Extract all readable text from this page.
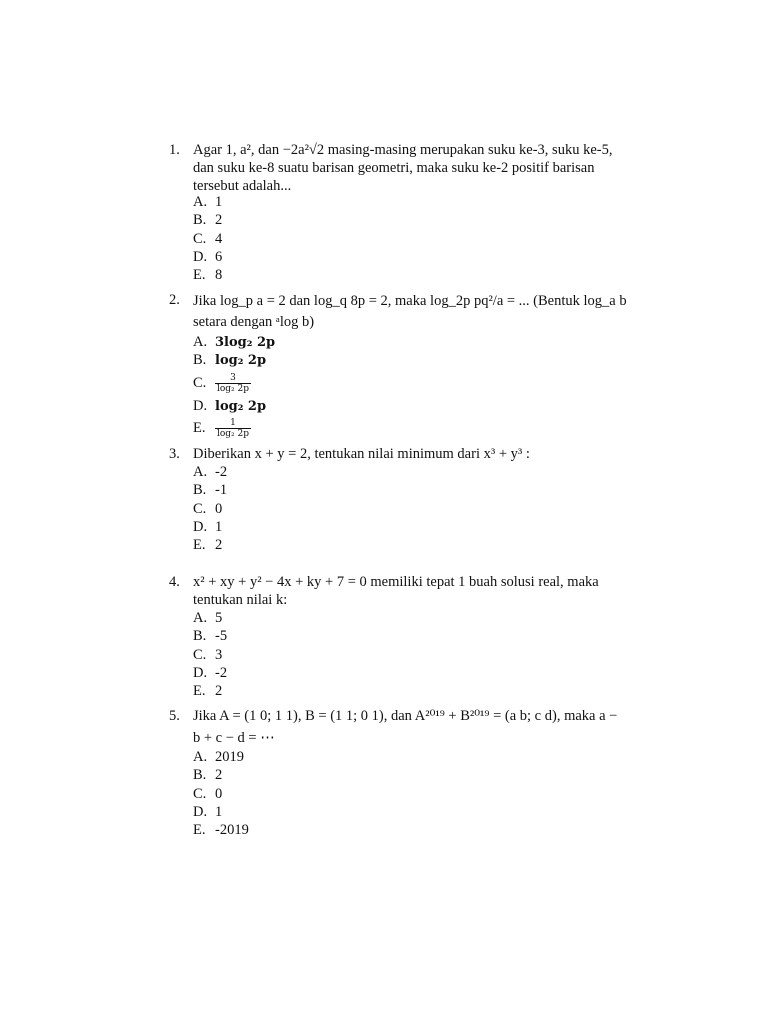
1. Agar 1, a², dan −2a²√2 masing-masing merupakan suku ke-3, suku ke-5,
dan suku ke-8 suatu barisan geometri, maka suku ke-2 positif barisan
tersebut adalah...
A. 1
B. 2
C. 4
D. 6
E. 8
2. Jika log_p a = 2 dan log_q 8p = 2, maka log_2p pq²/a = ... (Bentuk log_a b
setara dengan ᵃlog b)
A. 3log₂ 2p
B. log₂ 2p
C. $\frac{3}{\text{log₂ 2p}}$
D. log₂ 2p
E. $\frac{1}{\text{log₂ 2p}}$
3. Diberikan x + y = 2, tentukan nilai minimum dari x³ + y³ :
A. -2
B. -1
C. 0
D. 1
E. 2
4. x² + xy + y² − 4x + ky + 7 = 0 memiliki tepat 1 buah solusi real, maka
tentukan nilai k:
A. 5
B. -5
C. 3
D. -2
E. 2
5. Jika A = (1 0; 1 1), B = (1 1; 0 1), dan A²⁰¹⁹ + B²⁰¹⁹ = (a b; c d), maka a −
b + c − d = ⋯
A. 2019
B. 2
C. 0
D. 1
E. -2019
